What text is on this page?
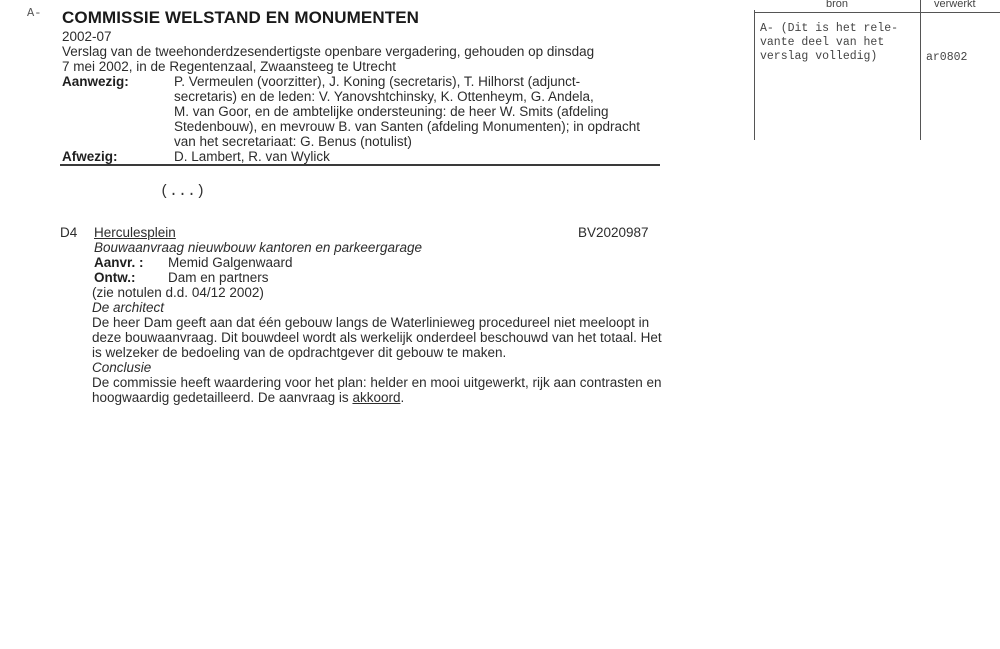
A- COMMISSIE WELSTAND EN MONUMENTEN
2002-07
Verslag van de tweehonderdzesendertigste openbare vergadering, gehouden op dinsdag
7 mei 2002, in de Regentenzaal, Zwaansteeg te Utrecht
Aanwezig:	P. Vermeulen (voorzitter), J. Koning (secretaris), T. Hilhorst (adjunct-
secretaris) en de leden: V. Yanovshtchinsky, K. Ottenheym, G. Andela,
M. van Goor, en de ambtelijke ondersteuning: de heer W. Smits (afdeling
Stedenbouw), en mevrouw B. van Santen (afdeling Monumenten); in opdracht
van het secretariaat: G. Benus (notulist)
Afwezig:	D. Lambert, R. van Wylick
(...)
D4 Herculesplein	BV2020987
Bouwaanvraag nieuwbouw kantoren en parkeergarage
Aanvr. : Memid Galgenwaard
Ontw.: Dam en partners
(zie notulen d.d. 04/12 2002)
De architect
De heer Dam geeft aan dat één gebouw langs de Waterlinieweg procedureel niet meeloopt in
deze bouwaanvraag. Dit bouwdeel wordt als werkelijk onderdeel beschouwd van het totaal. Het
is welzeker de bedoeling van de opdrachtgever dit gebouw te maken.
Conclusie
De commissie heeft waardering voor het plan: helder en mooi uitgewerkt, rijk aan contrasten en
hoogwaardig gedetailleerd. De aanvraag is akkoord.
bron	verwerkt
A- (Dit is het rele-
vante deel van het
verslag volledig)	ar0802
